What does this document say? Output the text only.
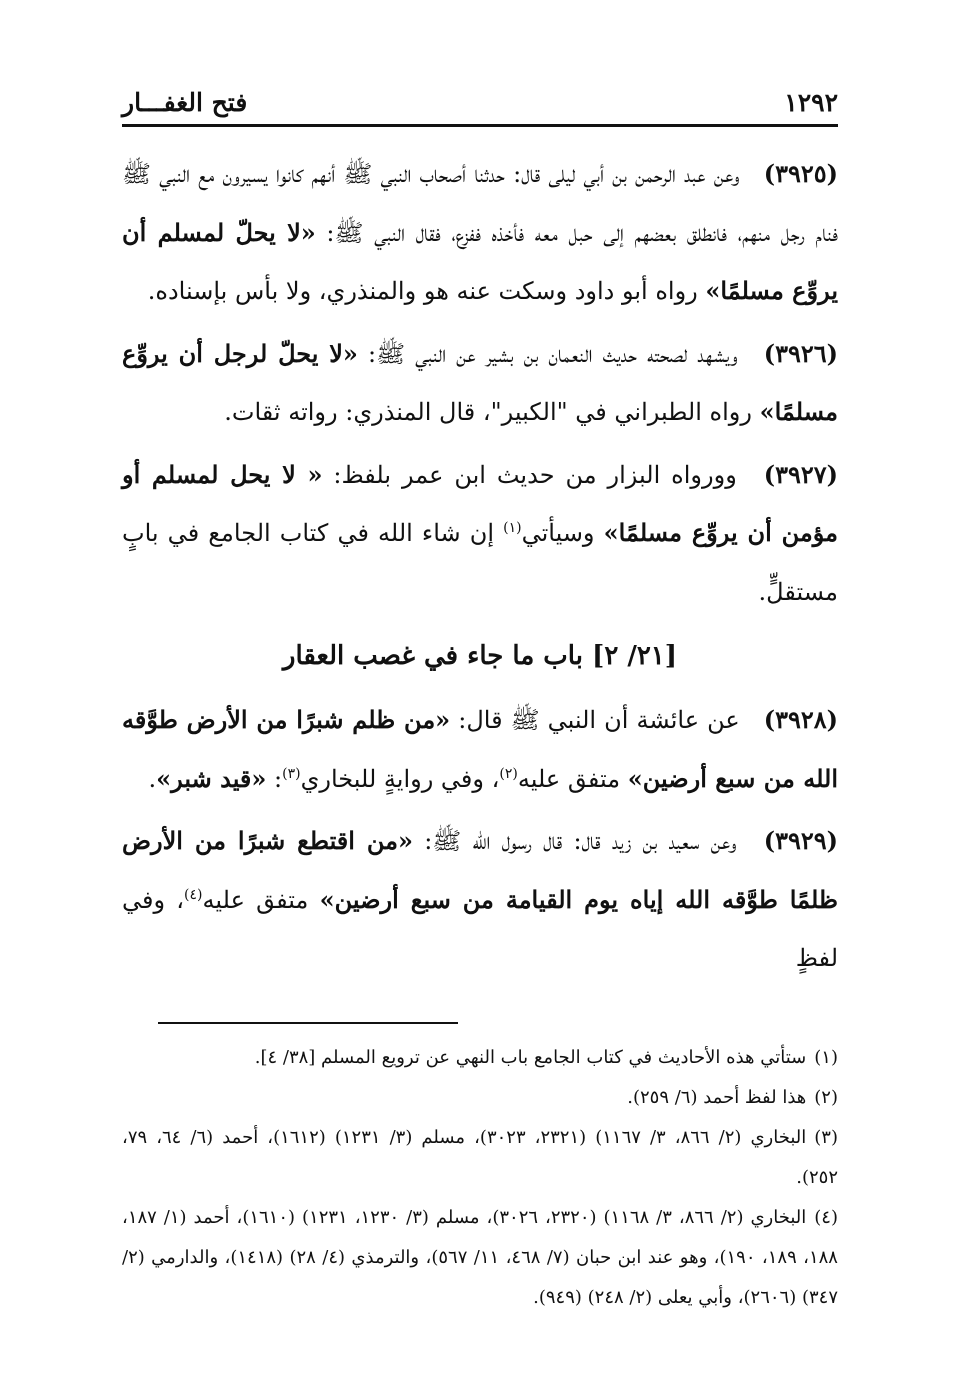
١٢٩٢
فتح الغفـــار

(٣٩٢٥) وعن عبد الرحمن بن أبي ليلى قال: حدثنا أصحاب النبي ﷺ أنهم كانوا يسيرون مع النبي ﷺ فنام رجل منهم، فانطلق بعضهم إلى حبل معه فأخذه ففزع، فقال النبي ﷺ: «لا يحلّ لمسلم أن يروِّع مسلمًا» رواه أبو داود وسكت عنه هو والمنذري، ولا بأس بإسناده.

(٣٩٢٦) ويشهد لصحته حديث النعمان بن بشير عن النبي ﷺ: «لا يحلّ لرجل أن يروِّع مسلمًا» رواه الطبراني في "الكبير"، قال المنذري: رواته ثقات.

(٣٩٢٧) وورواه البزار من حديث ابن عمر بلفظ: « لا يحل لمسلم أو مؤمن أن يروِّع مسلمًا» وسيأتي$^{(١)}$ إن شاء الله في كتاب الجامع في بابٍ مستقلٍّ.

[٢١/ ٢] باب ما جاء في غصب العقار

(٣٩٢٨) عن عائشة أن النبي ﷺ قال: «من ظلم شبرًا من الأرض طوَّقه الله من سبع أرضين» متفق عليه$^{(٢)}$، وفي روايةٍ للبخاري$^{(٣)}$: «قيد شبر».

(٣٩٢٩) وعن سعيد بن زيد قال: قال رسول الله ﷺ: «من اقتطع شبرًا من الأرض ظلمًا طوَّقه الله إياه يوم القيامة من سبع أرضين» متفق عليه$^{(٤)}$، وفي لفظٍ

(١)ستأتي هذه الأحاديث في كتاب الجامع باب النهي عن ترويع المسلم [٣٨/ ٤].

(٢)هذا لفظ أحمد (٦/ ٢٥٩).

(٣)البخاري (٢/ ٨٦٦، ٣/ ١١٦٧) (٢٣٢١، ٣٠٢٣)، مسلم (٣/ ١٢٣١) (١٦١٢)، أحمد (٦/ ٦٤، ٧٩، ٢٥٢).

(٤)البخاري (٢/ ٨٦٦، ٣/ ١١٦٨) (٢٣٢٠، ٣٠٢٦)، مسلم (٣/ ١٢٣٠، ١٢٣١) (١٦١٠)، أحمد (١/ ١٨٧، ١٨٨، ١٨٩، ١٩٠)، وهو عند ابن حبان (٧/ ٤٦٨، ١١/ ٥٦٧)، والترمذي (٤/ ٢٨) (١٤١٨)، والدارمي (٢/ ٣٤٧) (٢٦٠٦)، وأبي يعلى (٢/ ٢٤٨) (٩٤٩).
